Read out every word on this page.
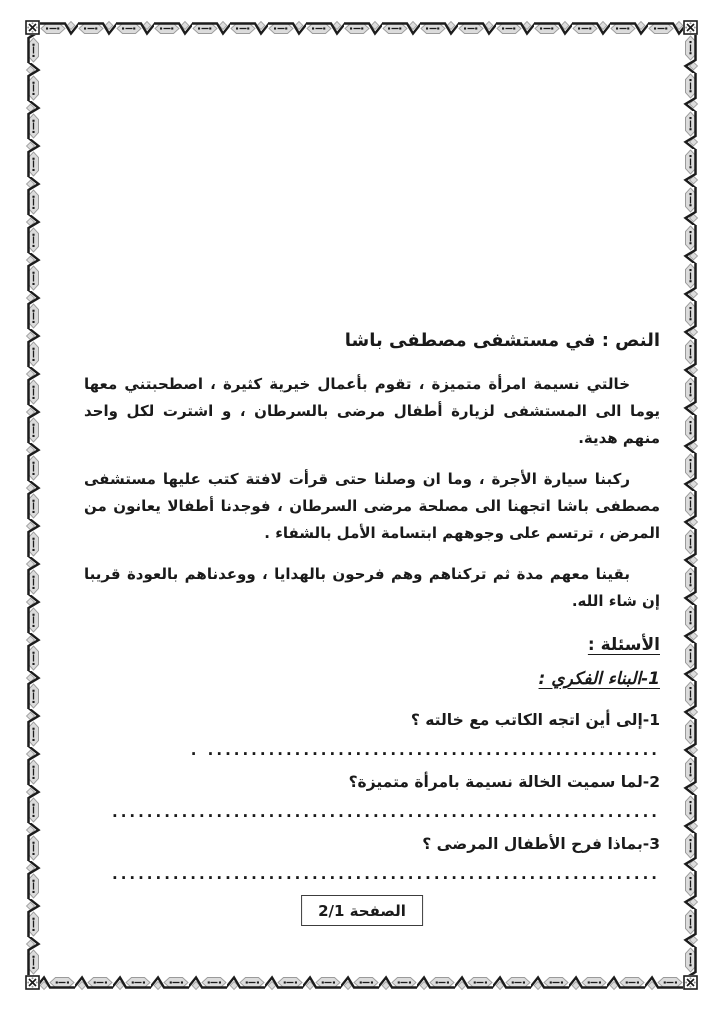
النص : في مستشفى مصطفى باشا

خالتي نسيمة امرأة متميزة ، تقوم بأعمال خيرية كثيرة ، اصطحبتني معها يوما الى المستشفى لزيارة أطفال مرضى بالسرطان ، و اشترت لكل واحد منهم هدية.

ركبنا سيارة الأجرة ، وما ان وصلنا حتى قرأت لافتة كتب عليها مستشفى مصطفى باشا اتجهنا الى مصلحة مرضى السرطان ، فوجدنا أطفالا يعانون من المرض ، ترتسم على وجوههم ابتسامة الأمل بالشفاء .

بقينا معهم مدة ثم تركناهم وهم فرحون بالهدايا ، ووعدناهم بالعودة قريبا إن شاء الله.

الأسئلة :
1-البناء الفكري :

1-إلى أين اتجه الكاتب مع خالته ؟

.................................................... .

2-لما سميت الخالة نسيمة بامرأة متميزة؟

...............................................................

3-بماذا فرح الأطفال المرضى ؟

...............................................................

الصفحة 2/1
